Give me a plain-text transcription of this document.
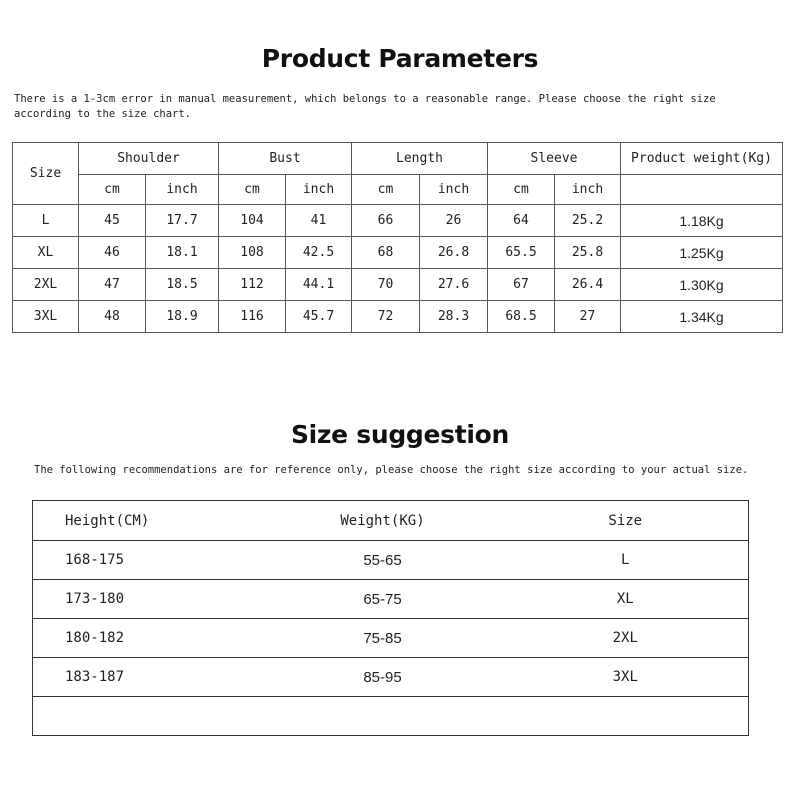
Product Parameters
There is a 1-3cm error in manual measurement, which belongs to a reasonable range. Please choose the right size according to the size chart.
Size	Shoulder		Bust		Length		Sleeve		Product weight(Kg)
	cm	inch	cm	inch	cm	inch	cm	inch	
L	45	17.7	104	41	66	26	64	25.2	1.18Kg
XL	46	18.1	108	42.5	68	26.8	65.5	25.8	1.25Kg
2XL	47	18.5	112	44.1	70	27.6	67	26.4	1.30Kg
3XL	48	18.9	116	45.7	72	28.3	68.5	27	1.34Kg
Size suggestion
The following recommendations are for reference only, please choose the right size according to your actual size.
Height(CM)	Weight(KG)	Size
168-175	55-65	L
173-180	65-75	XL
180-182	75-85	2XL
183-187	85-95	3XL
